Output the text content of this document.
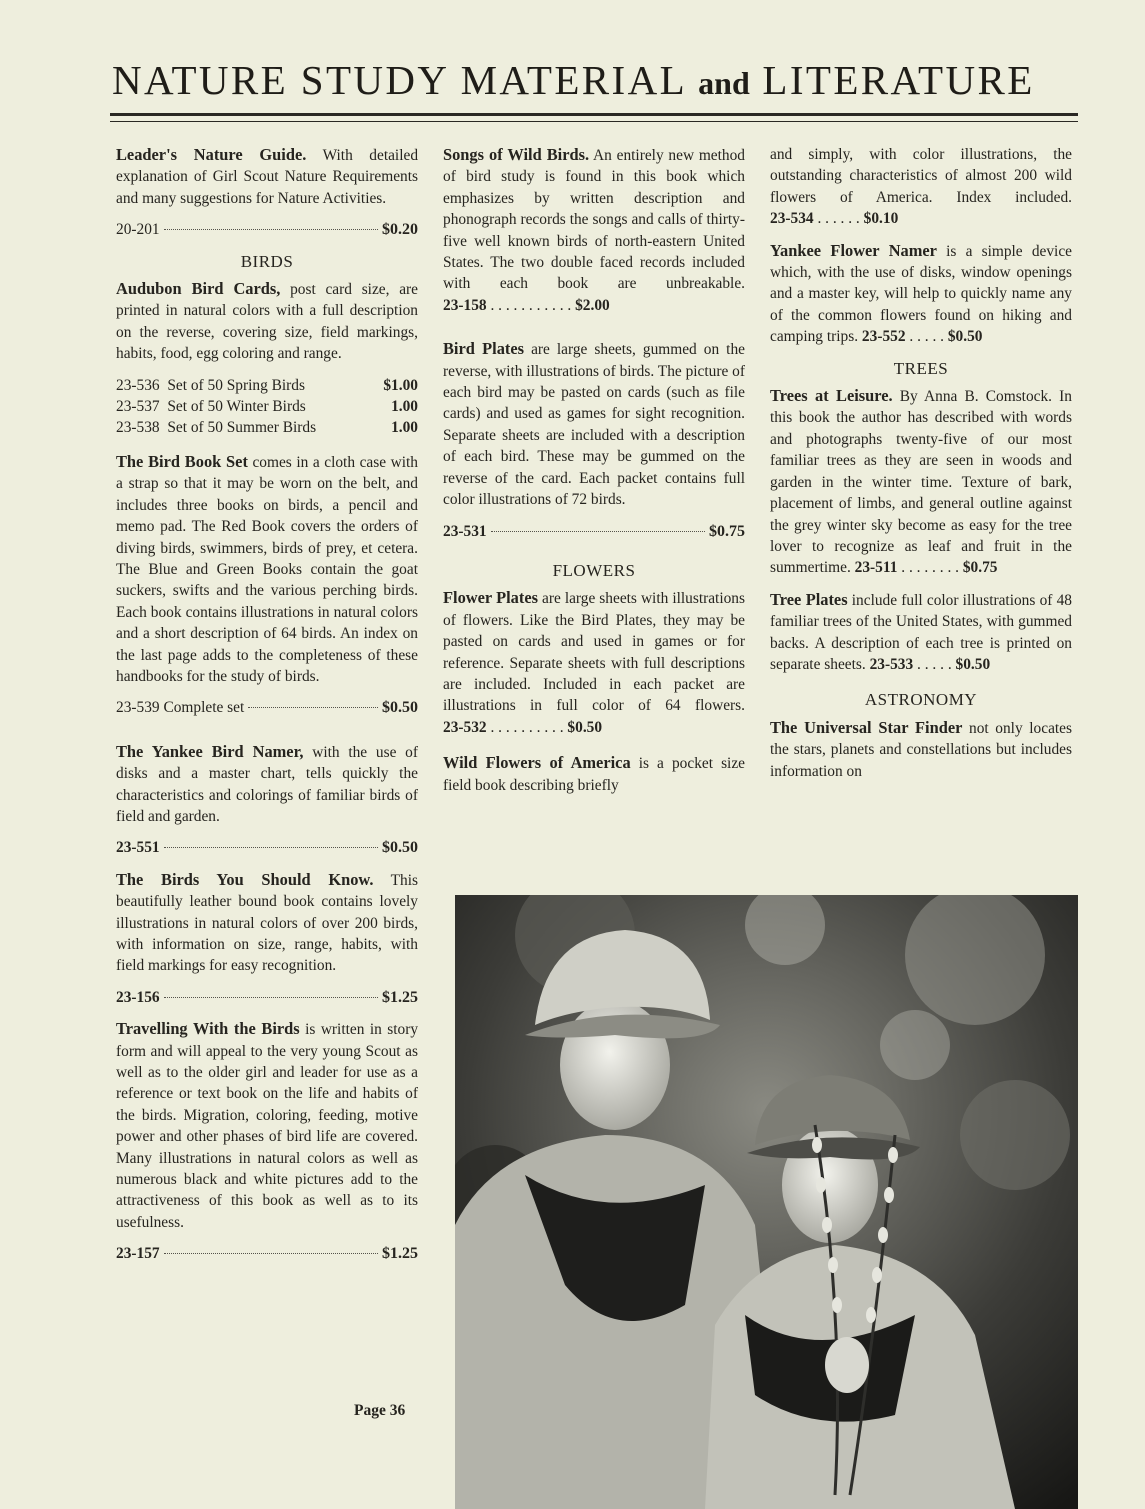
NATURE STUDY MATERIAL and LITERATURE

Leader's Nature Guide. With detailed explanation of Girl Scout Nature Requirements and many suggestions for Nature Activities.

20-201	$0.20
BIRDS

Audubon Bird Cards, post card size, are printed in natural colors with a full description on the reverse, covering size, field markings, habits, food, egg coloring and range.

23-536 Set of 50 Spring Birds	$1.00
23-537 Set of 50 Winter Birds	1.00
23-538 Set of 50 Summer Birds	1.00

The Bird Book Set comes in a cloth case with a strap so that it may be worn on the belt, and includes three books on birds, a pencil and memo pad. The Red Book covers the orders of diving birds, swimmers, birds of prey, et cetera. The Blue and Green Books contain the goat suckers, swifts and the various perching birds. Each book contains illustrations in natural colors and a short description of 64 birds. An index on the last page adds to the completeness of these handbooks for the study of birds.

23-539 Complete set	$0.50

The Yankee Bird Namer, with the use of disks and a master chart, tells quickly the characteristics and colorings of familiar birds of field and garden.

23-551	$0.50

The Birds You Should Know. This beautifully leather bound book contains lovely illustrations in natural colors of over 200 birds, with information on size, range, habits, with field markings for easy recognition.

23-156	$1.25

Travelling With the Birds is written in story form and will appeal to the very young Scout as well as to the older girl and leader for use as a reference or text book on the life and habits of the birds. Migration, coloring, feeding, motive power and other phases of bird life are covered. Many illustrations in natural colors as well as numerous black and white pictures add to the attractiveness of this book as well as to its usefulness.

23-157	$1.25
Page 36

Songs of Wild Birds. An entirely new method of bird study is found in this book which emphasizes by written description and phonograph records the songs and calls of thirty-five well known birds of north-eastern United States. The two double faced records included with each book are unbreakable. 23-158 . . . . . . . . . . . $2.00

Bird Plates are large sheets, gummed on the reverse, with illustrations of birds. The picture of each bird may be pasted on cards (such as file cards) and used as games for sight recognition. Separate sheets are included with a description of each bird. These may be gummed on the reverse of the card. Each packet contains full color illustrations of 72 birds.

23-531	$0.75
FLOWERS

Flower Plates are large sheets with illustrations of flowers. Like the Bird Plates, they may be pasted on cards and used in games or for reference. Separate sheets with full descriptions are included. Included in each packet are illustrations in full color of 64 flowers. 23-532 . . . . . . . . . . $0.50

Wild Flowers of America is a pocket size field book describing briefly

and simply, with color illustrations, the outstanding characteristics of almost 200 wild flowers of America. Index included. 23-534 . . . . . . $0.10

Yankee Flower Namer is a simple device which, with the use of disks, window openings and a master key, will help to quickly name any of the common flowers found on hiking and camping trips. 23-552 . . . . . $0.50

TREES

Trees at Leisure. By Anna B. Comstock. In this book the author has described with words and photographs twenty-five of our most familiar trees as they are seen in woods and garden in the winter time. Texture of bark, placement of limbs, and general outline against the grey winter sky become as easy for the tree lover to recognize as leaf and fruit in the summertime. 23-511 . . . . . . . . $0.75

Tree Plates include full color illustrations of 48 familiar trees of the United States, with gummed backs. A description of each tree is printed on separate sheets. 23-533 . . . . . $0.50

ASTRONOMY

The Universal Star Finder not only locates the stars, planets and constellations but includes information on
